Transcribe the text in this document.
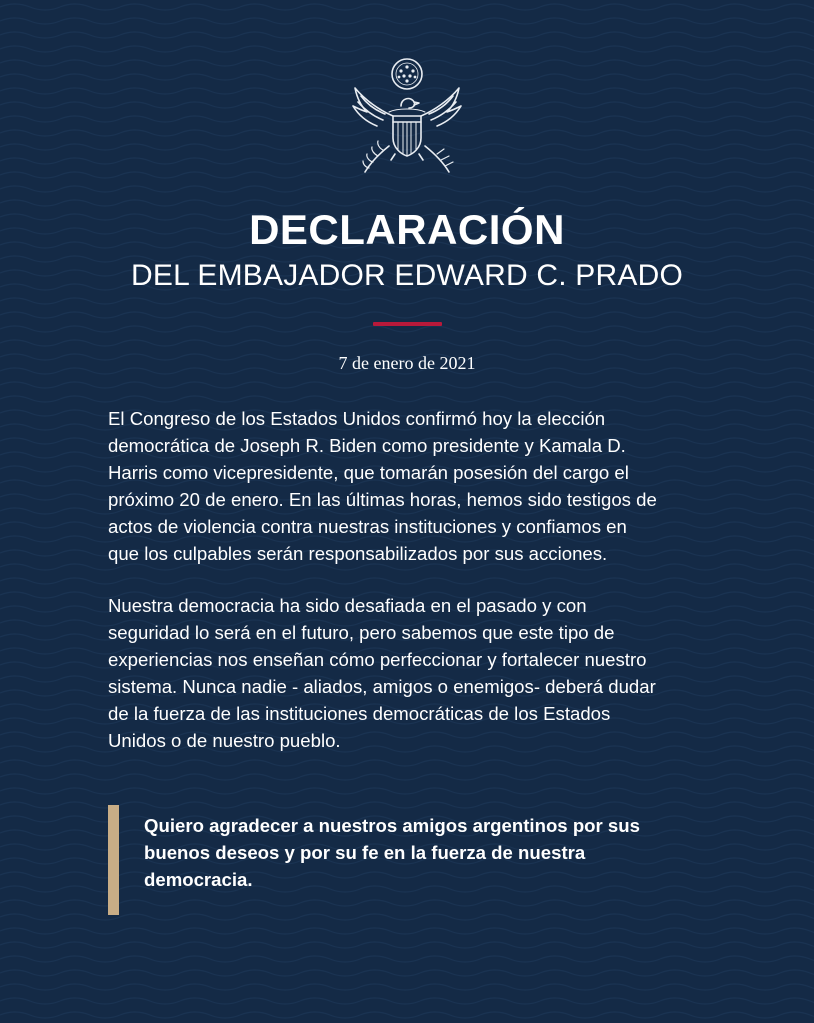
DECLARACIÓN
DEL EMBAJADOR EDWARD C. PRADO
7 de enero de 2021

El Congreso de los Estados Unidos confirmó hoy la elección
democrática de Joseph R. Biden como presidente y Kamala D.
Harris como vicepresidente, que tomarán posesión del cargo el
próximo 20 de enero. En las últimas horas, hemos sido testigos de
actos de violencia contra nuestras instituciones y confiamos en
que los culpables serán responsabilizados por sus acciones.

Nuestra democracia ha sido desafiada en el pasado y con
seguridad lo será en el futuro, pero sabemos que este tipo de
experiencias nos enseñan cómo perfeccionar y fortalecer nuestro
sistema. Nunca nadie - aliados, amigos o enemigos- deberá dudar
de la fuerza de las instituciones democráticas de los Estados
Unidos o de nuestro pueblo.

Quiero agradecer a nuestros amigos argentinos por sus
buenos deseos y por su fe en la fuerza de nuestra
democracia.
